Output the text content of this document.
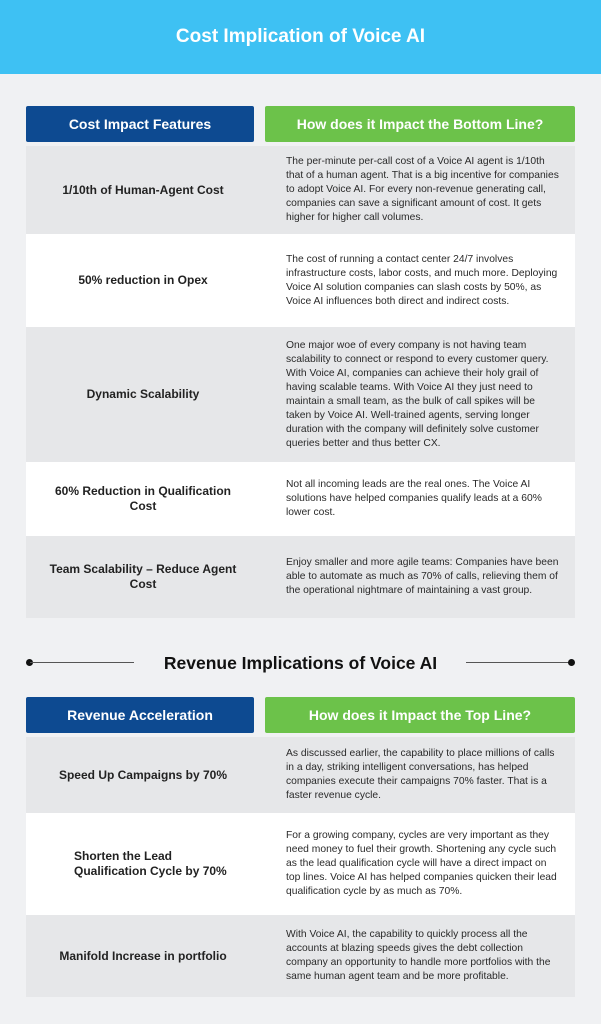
Cost Implication of Voice AI
Cost Impact Features	How does it Impact the Bottom Line?
1/10th of Human-Agent Cost
The per-minute per-call cost of a Voice AI agent is 1/10th that of a human agent. That is a big incentive for companies to adopt Voice AI. For every non-revenue generating call, companies can save a significant amount of cost. It gets higher for higher call volumes.
50% reduction in Opex
The cost of running a contact center 24/7 involves infrastructure costs, labor costs, and much more. Deploying Voice AI solution companies can slash costs by 50%, as Voice AI influences both direct and indirect costs.
Dynamic Scalability
One major woe of every company is not having team scalability to connect or respond to every customer query. With Voice AI, companies can achieve their holy grail of having scalable teams. With Voice AI they just need to maintain a small team, as the bulk of call spikes will be taken by Voice AI. Well-trained agents, serving longer duration with the company will definitely solve customer queries better and thus better CX.
60% Reduction in Qualification Cost
Not all incoming leads are the real ones. The Voice AI solutions have helped companies qualify leads at a 60% lower cost.
Team Scalability – Reduce Agent Cost
Enjoy smaller and more agile teams: Companies have been able to automate as much as 70% of calls, relieving them of the operational nightmare of maintaining a vast group.
Revenue Implications of Voice AI
Revenue Acceleration	How does it Impact the Top Line?
Speed Up Campaigns by 70%
As discussed earlier, the capability to place millions of calls in a day, striking intelligent conversations, has helped companies execute their campaigns 70% faster. That is a faster revenue cycle.
Shorten the Lead Qualification Cycle by 70%
For a growing company, cycles are very important as they need money to fuel their growth. Shortening any cycle such as the lead qualification cycle will have a direct impact on top lines. Voice AI has helped companies quicken their lead qualification cycle by as much as 70%.
Manifold Increase in portfolio
With Voice AI, the capability to quickly process all the accounts at blazing speeds gives the debt collection company an opportunity to handle more portfolios with the same human agent team and be more profitable.
